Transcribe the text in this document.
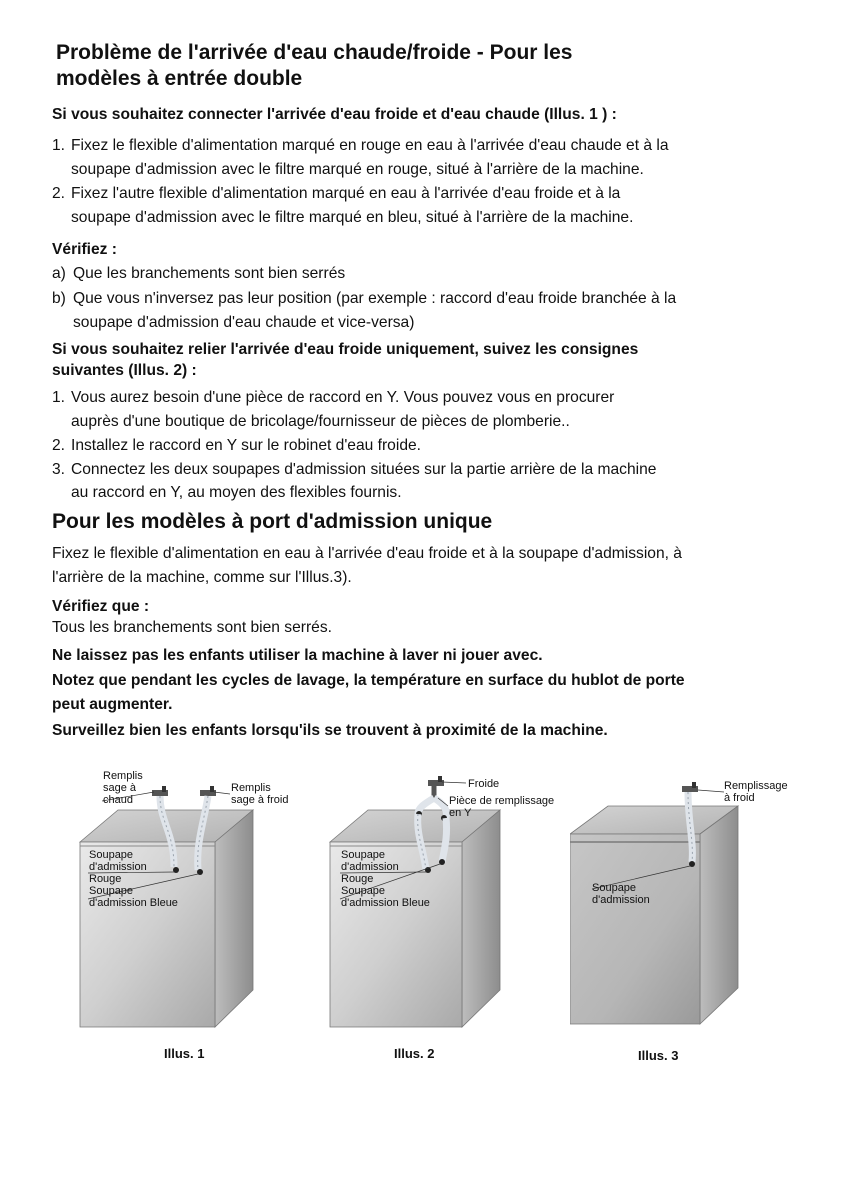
Problème de l'arrivée d'eau chaude/froide - Pour les
modèles à entrée double

Si vous souhaitez connecter l'arrivée d'eau froide et d'eau chaude (Illus. 1 ) :

1. Fixez le flexible d'alimentation marqué en rouge en eau à l'arrivée d'eau chaude et à la

soupape d'admission avec le filtre marqué en rouge, situé à l'arrière de la machine.

2. Fixez l'autre flexible d'alimentation marqué en eau à l'arrivée d'eau froide et à la

soupape d'admission avec le filtre marqué en bleu, situé à l'arrière de la machine.

Vérifiez :

a) Que les branchements sont bien serrés

b) Que vous n'inversez pas leur position (par exemple : raccord d'eau froide branchée à la

soupape d'admission d'eau chaude et vice-versa)

Si vous souhaitez relier l'arrivée d'eau froide uniquement, suivez les consignes

suivantes (Illus. 2) :

1. Vous aurez besoin d'une pièce de raccord en Y. Vous pouvez vous en procurer

auprès d'une boutique de bricolage/fournisseur de pièces de plomberie..

2. Installez le raccord en Y sur le robinet d'eau froide.

3. Connectez les deux soupapes d'admission situées sur la partie arrière de la machine

au raccord en Y, au moyen des flexibles fournis.

Pour les modèles à port d'admission unique

Fixez le flexible d'alimentation en eau à l'arrivée d'eau froide et à la soupape d'admission, à

l'arrière de la machine, comme sur l'Illus.3).

Vérifiez que :

Tous les branchements sont bien serrés.

Ne laissez pas les enfants utiliser la machine à laver ni jouer avec.

Notez que pendant les cycles de lavage, la température en surface du hublot de porte

peut augmenter.

Surveillez bien les enfants lorsqu'ils se trouvent à proximité de la machine.

Remplis
sage à
chaud
Remplis
sage à froid
Soupape
d'admission
Rouge
Soupape
d'admission Bleue
Illus. 1
Froide
Pièce de remplissage
en Y
Soupape
d'admission
Rouge
Soupape
d'admission Bleue
Illus. 2
Remplissage
à froid
Soupape
d'admission
Illus. 3
